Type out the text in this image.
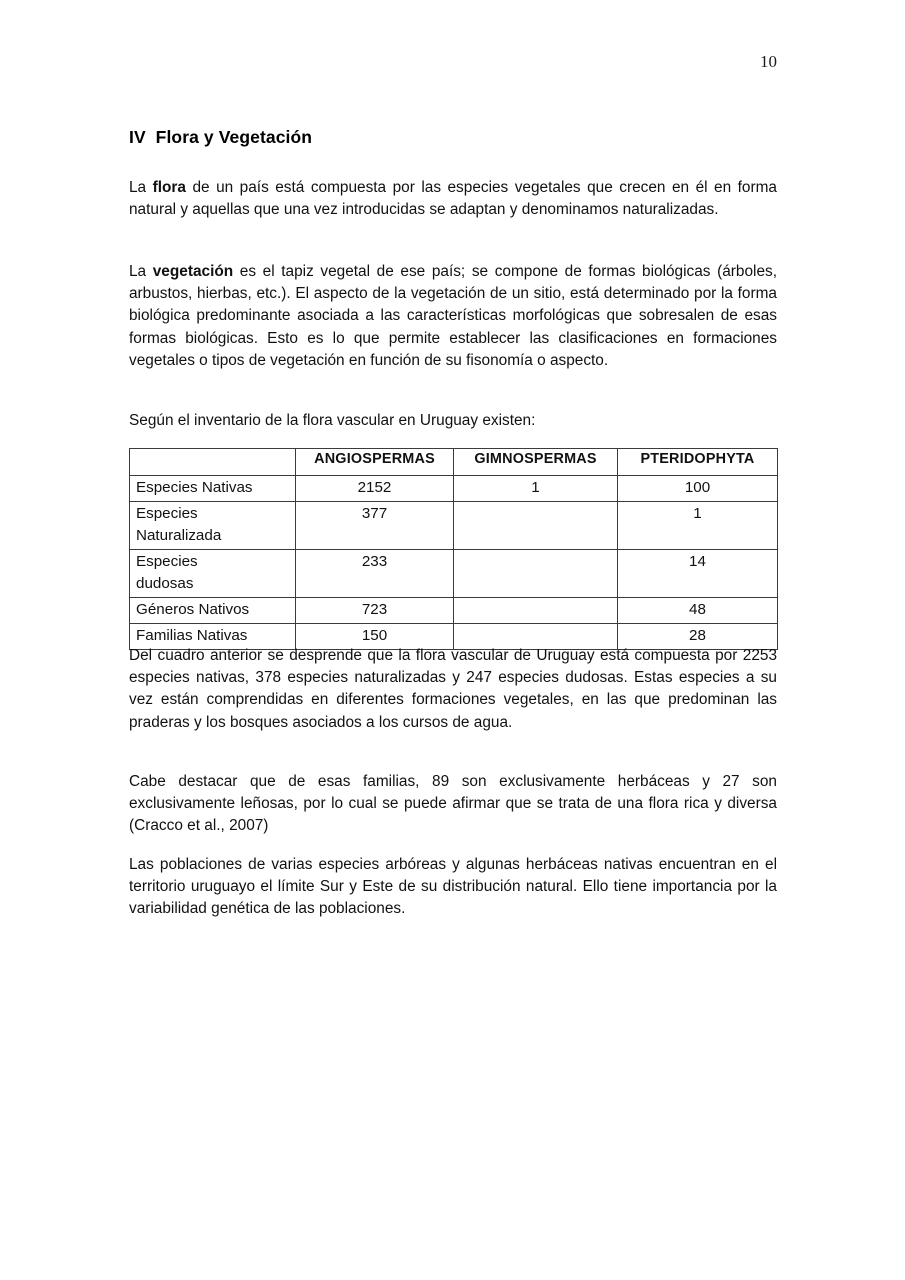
10
IV  Flora y Vegetación

La flora de un país está compuesta por las especies vegetales que crecen en él en forma natural y aquellas que una vez introducidas se adaptan y denominamos naturalizadas.

La vegetación es el tapiz vegetal de ese país; se compone de formas biológicas (árboles, arbustos, hierbas, etc.). El aspecto de la vegetación de un sitio, está determinado por la forma biológica predominante asociada a las características morfológicas que sobresalen de esas formas biológicas. Esto es lo que permite establecer las clasificaciones en formaciones vegetales o tipos de vegetación en función de su fisonomía o aspecto.

Según el inventario de la flora vascular en Uruguay existen:

	ANGIOSPERMAS	GIMNOSPERMAS	PTERIDOPHYTA

Especies Nativas	2152	1	100

Especies
Naturalizada	377		1

Especies
dudosas	233		14

Géneros Nativos	723		48

Familias Nativas	150		28

Del cuadro anterior se desprende que la flora vascular de Uruguay está compuesta por 2253 especies nativas, 378 especies naturalizadas y 247 especies dudosas. Estas especies a su vez están comprendidas en diferentes formaciones vegetales, en las que predominan las praderas y los bosques asociados a los cursos de agua.

Cabe destacar que de esas familias, 89 son exclusivamente herbáceas y 27 son exclusivamente leñosas, por lo cual se puede afirmar que se trata de una flora rica y diversa (Cracco et al., 2007)

Las poblaciones de varias especies arbóreas y algunas herbáceas nativas encuentran en el territorio uruguayo el límite Sur y Este de su distribución natural. Ello tiene importancia por la variabilidad genética de las poblaciones.
